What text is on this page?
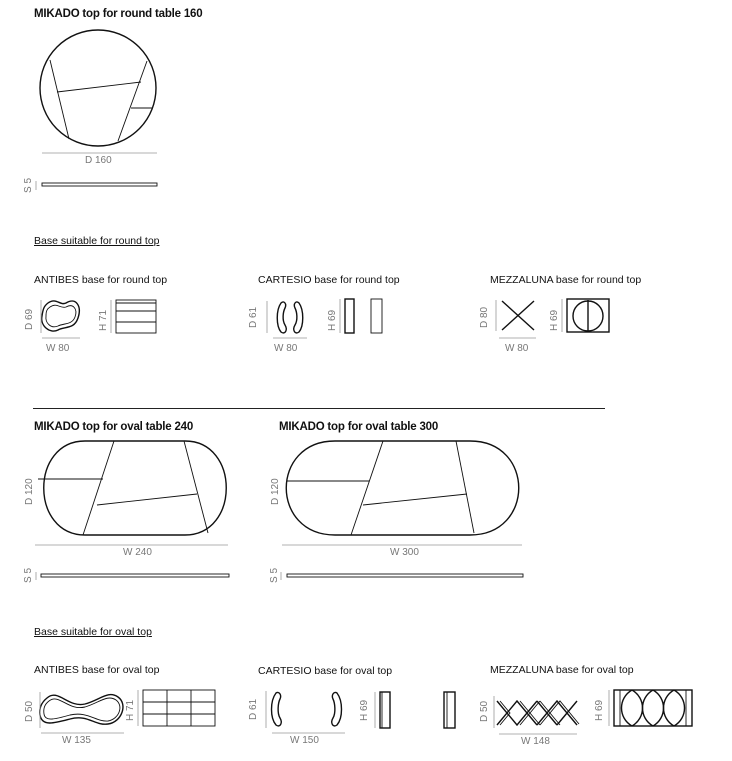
MIKADO top for round table 160
D 160
S 5
Base suitable for round top
ANTIBES base for round top
D 69	H 71
W 80
CARTESIO base for round top
D 61	H 69
W 80
MEZZALUNA base for round top
D 80	H 69
W 80
MIKADO top for oval table 240
D 120
W 240
S 5
MIKADO top for oval table 300
D 120
W 300
S 5
Base suitable for oval top
ANTIBES base for oval top
D 50	H 71
W 135
CARTESIO base for oval top
D 61	H 69
W 150
MEZZALUNA base for oval top
D 50	H 69
W 148
